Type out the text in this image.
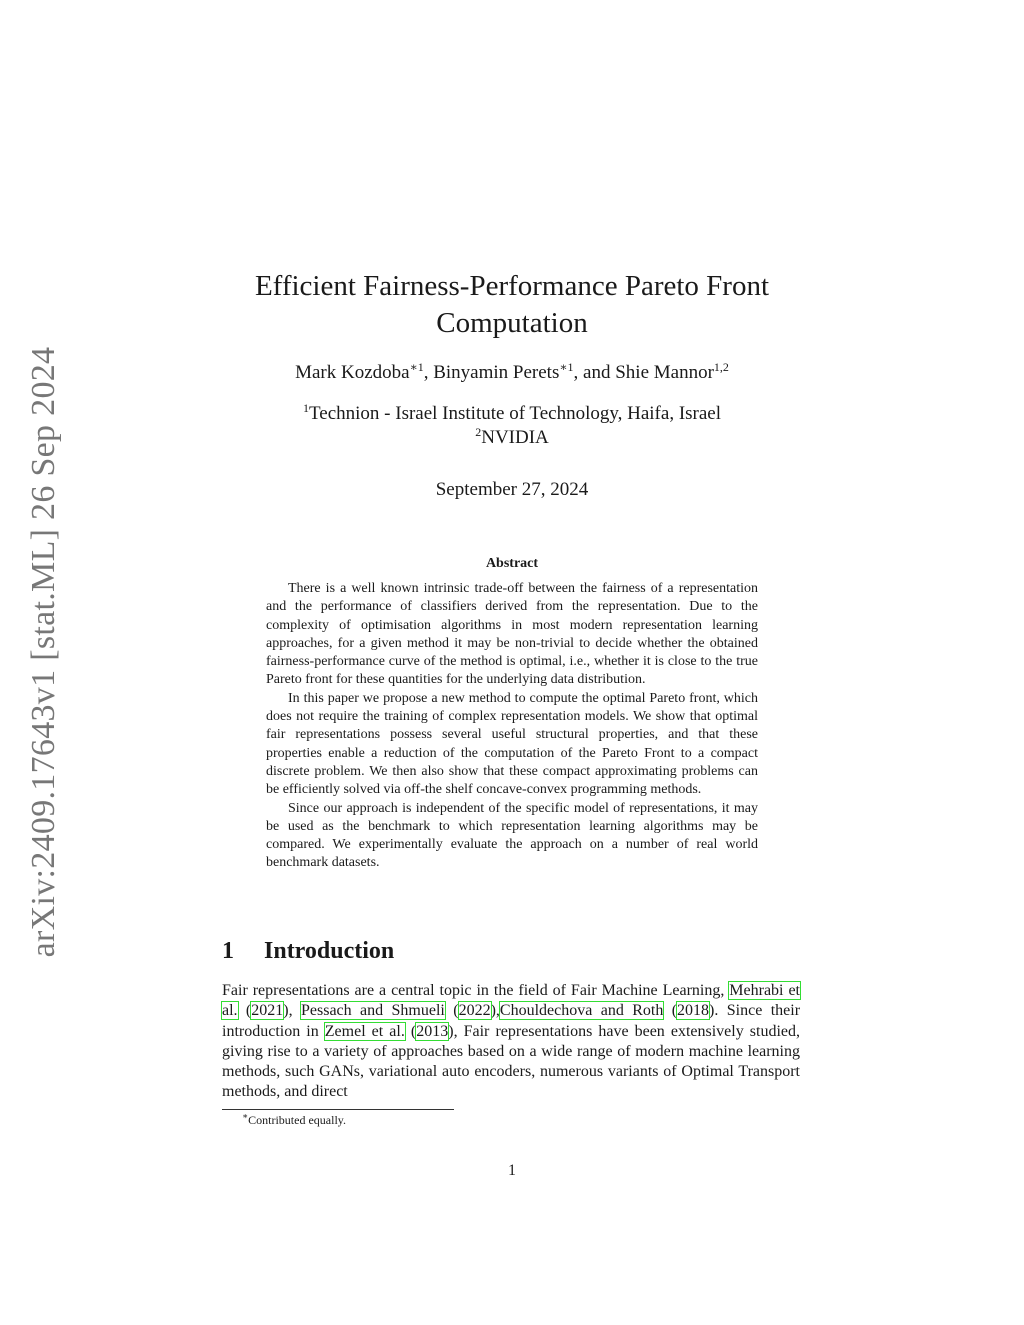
arXiv:2409.17643v1 [stat.ML] 26 Sep 2024
Efficient Fairness-Performance Pareto Front
Computation
Mark Kozdoba$^{∗1}$, Binyamin Perets$^{∗1}$, and Shie Mannor$^{1,2}$
$^1$Technion - Israel Institute of Technology, Haifa, Israel
$^2$NVIDIA
September 27, 2024
Abstract

There is a well known intrinsic trade-off between the fairness of a representation and the performance of classifiers derived from the representation. Due to the complexity of optimisation algorithms in most modern representation learning approaches, for a given method it may be non-trivial to decide whether the obtained fairness-performance curve of the method is optimal, i.e., whether it is close to the true Pareto front for these quantities for the underlying data distribution.

In this paper we propose a new method to compute the optimal Pareto front, which does not require the training of complex representation models. We show that optimal fair representations possess several useful structural properties, and that these properties enable a reduction of the computation of the Pareto Front to a compact discrete problem. We then also show that these compact approximating problems can be efficiently solved via off-the shelf concave-convex programming methods.

Since our approach is independent of the specific model of representations, it may be used as the benchmark to which representation learning algorithms may be compared. We experimentally evaluate the approach on a number of real world benchmark datasets.

1 Introduction

Fair representations are a central topic in the field of Fair Machine Learning, Mehrabi et al. (2021), Pessach and Shmueli (2022),Chouldechova and Roth (2018). Since their introduction in Zemel et al. (2013), Fair representations have been extensively studied, giving rise to a variety of approaches based on a wide range of modern machine learning methods, such GANs, variational auto encoders, numerous variants of Optimal Transport methods, and direct

∗Contributed equally.
1
